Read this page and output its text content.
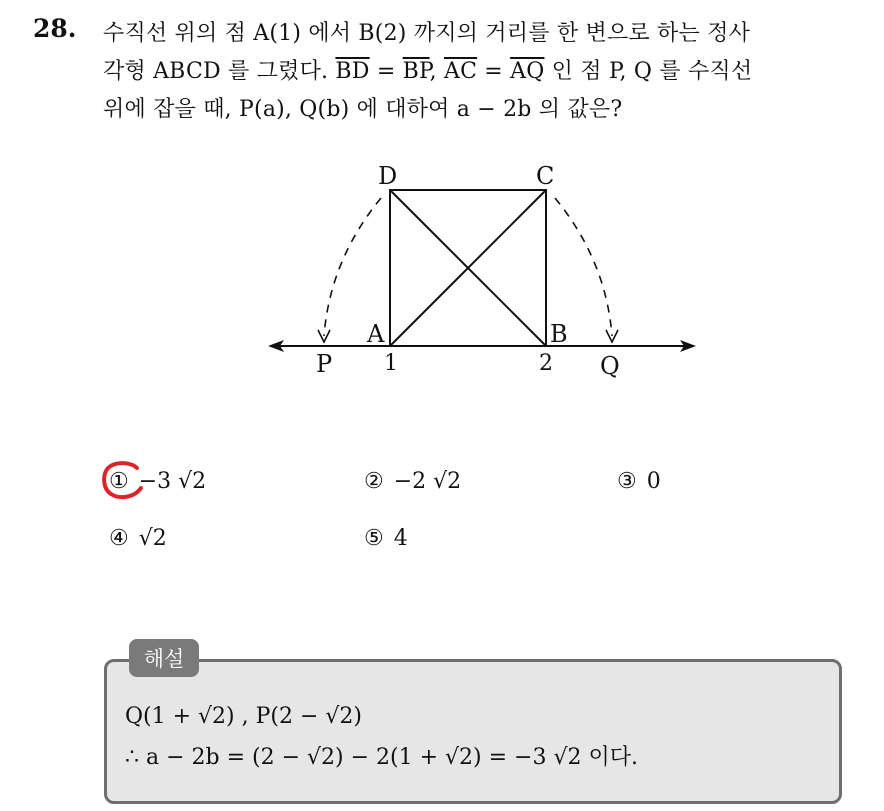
28. 수직선 위의 점 A(1) 에서 B(2) 까지의 거리를 한 변으로 하는 정사
각형 ABCD 를 그렸다. $\overline{BD} = \overline{BP}$, $\overline{AC} = \overline{AQ}$ 인 점 P, Q 를 수직선
위에 잡을 때, P(a), Q(b) 에 대하여 a − 2b 의 값은?
D	C
A	B
P	Q
1	2
① −3 √2	② −2 √2	③ 0
④ √2	⑤ 4
해설
Q(1 + √2) , P(2 − √2)
∴ a − 2b = (2 − √2) − 2(1 + √2) = −3 √2 이다.
